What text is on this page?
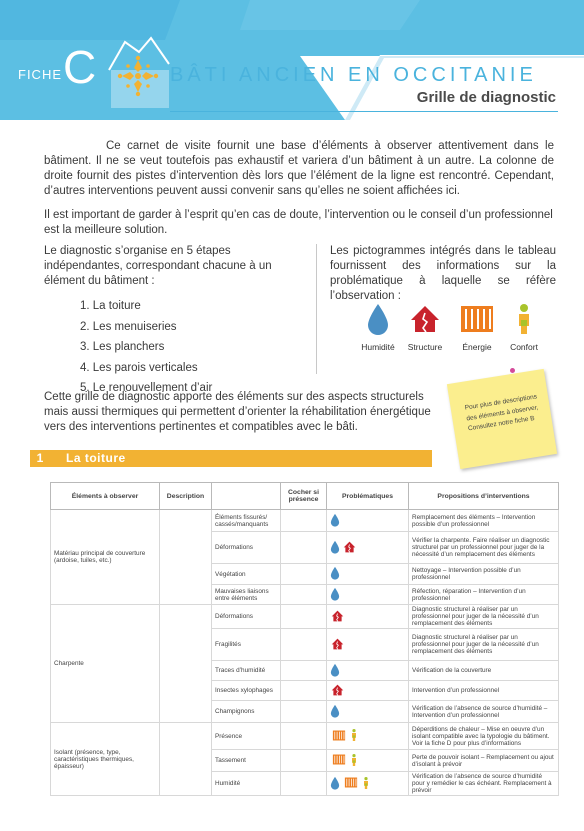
FICHE C	BÂTI ANCIEN EN OCCITANIE
Grille de diagnostic
Ce carnet de visite fournit une base d’éléments à observer attentivement dans le bâtiment. Il ne se veut toutefois pas exhaustif et variera d’un bâtiment à un autre. La colonne de droite fournit des pistes d’intervention dès lors que l’élément de la ligne est rencontré. Cependant, d’autres interventions peuvent aussi convenir sans qu’elles ne soient affichées ici.
Il est important de garder à l’esprit qu’en cas de doute, l’intervention ou le conseil d’un professionnel est la meilleure solution.
Le diagnostic s’organise en 5 étapes indépendantes, correspondant chacune à un élément du bâtiment :
1. La toiture
2. Les menuiseries
3. Les planchers
4. Les parois verticales
5. Le renouvellement d’air
Les pictogrammes intégrés dans le tableau fournissent des informations sur la problématique à laquelle se réfère l’observation :
Humidité	Structure	Énergie	Confort
Cette grille de diagnostic apporte des éléments sur des aspects structurels mais aussi thermiques qui permettent d’orienter la réhabilitation énergétique vers des interventions pertinentes et compatibles avec le bâti.
Pour plus de descriptions des éléments à observer, Consultez notre fiche B
1	La toiture
Éléments à observer	Description		Cocher si présence	Problématiques	Propositions d’interventions
Matériau principal de couverture (ardoise, tuiles, etc.)		Éléments fissurés/ cassés/manquants			Remplacement des éléments – Intervention possible d’un professionnel
		Déformations			Vérifier la charpente. Faire réaliser un diagnostic structurel par un professionnel pour juger de la nécessité d’un remplacement des éléments
		Végétation			Nettoyage – Intervention possible d’un professionnel
		Mauvaises liaisons entre éléments			Réfection, réparation – Intervention d’un professionnel
Charpente		Déformations			Diagnostic structurel à réaliser par un professionnel pour juger de la nécessité d’un remplacement des éléments
		Fragilités			Diagnostic structurel à réaliser par un professionnel pour juger de la nécessité d’un remplacement des éléments
		Traces d’humidité			Vérification de la couverture
		Insectes xylophages			Intervention d’un professionnel
		Champignons			Vérification de l’absence de source d’humidité – Intervention d’un professionnel
Isolant (présence, type, caractéristiques thermiques, épaisseur)		Présence			Déperditions de chaleur – Mise en oeuvre d’un isolant compatible avec la typologie du bâtiment. Voir la fiche D pour plus d’informations
		Tassement			Perte de pouvoir isolant – Remplacement ou ajout d’isolant à prévoir
		Humidité			Vérification de l’absence de source d’humidité pour y remédier le cas échéant. Remplacement à prévoir
